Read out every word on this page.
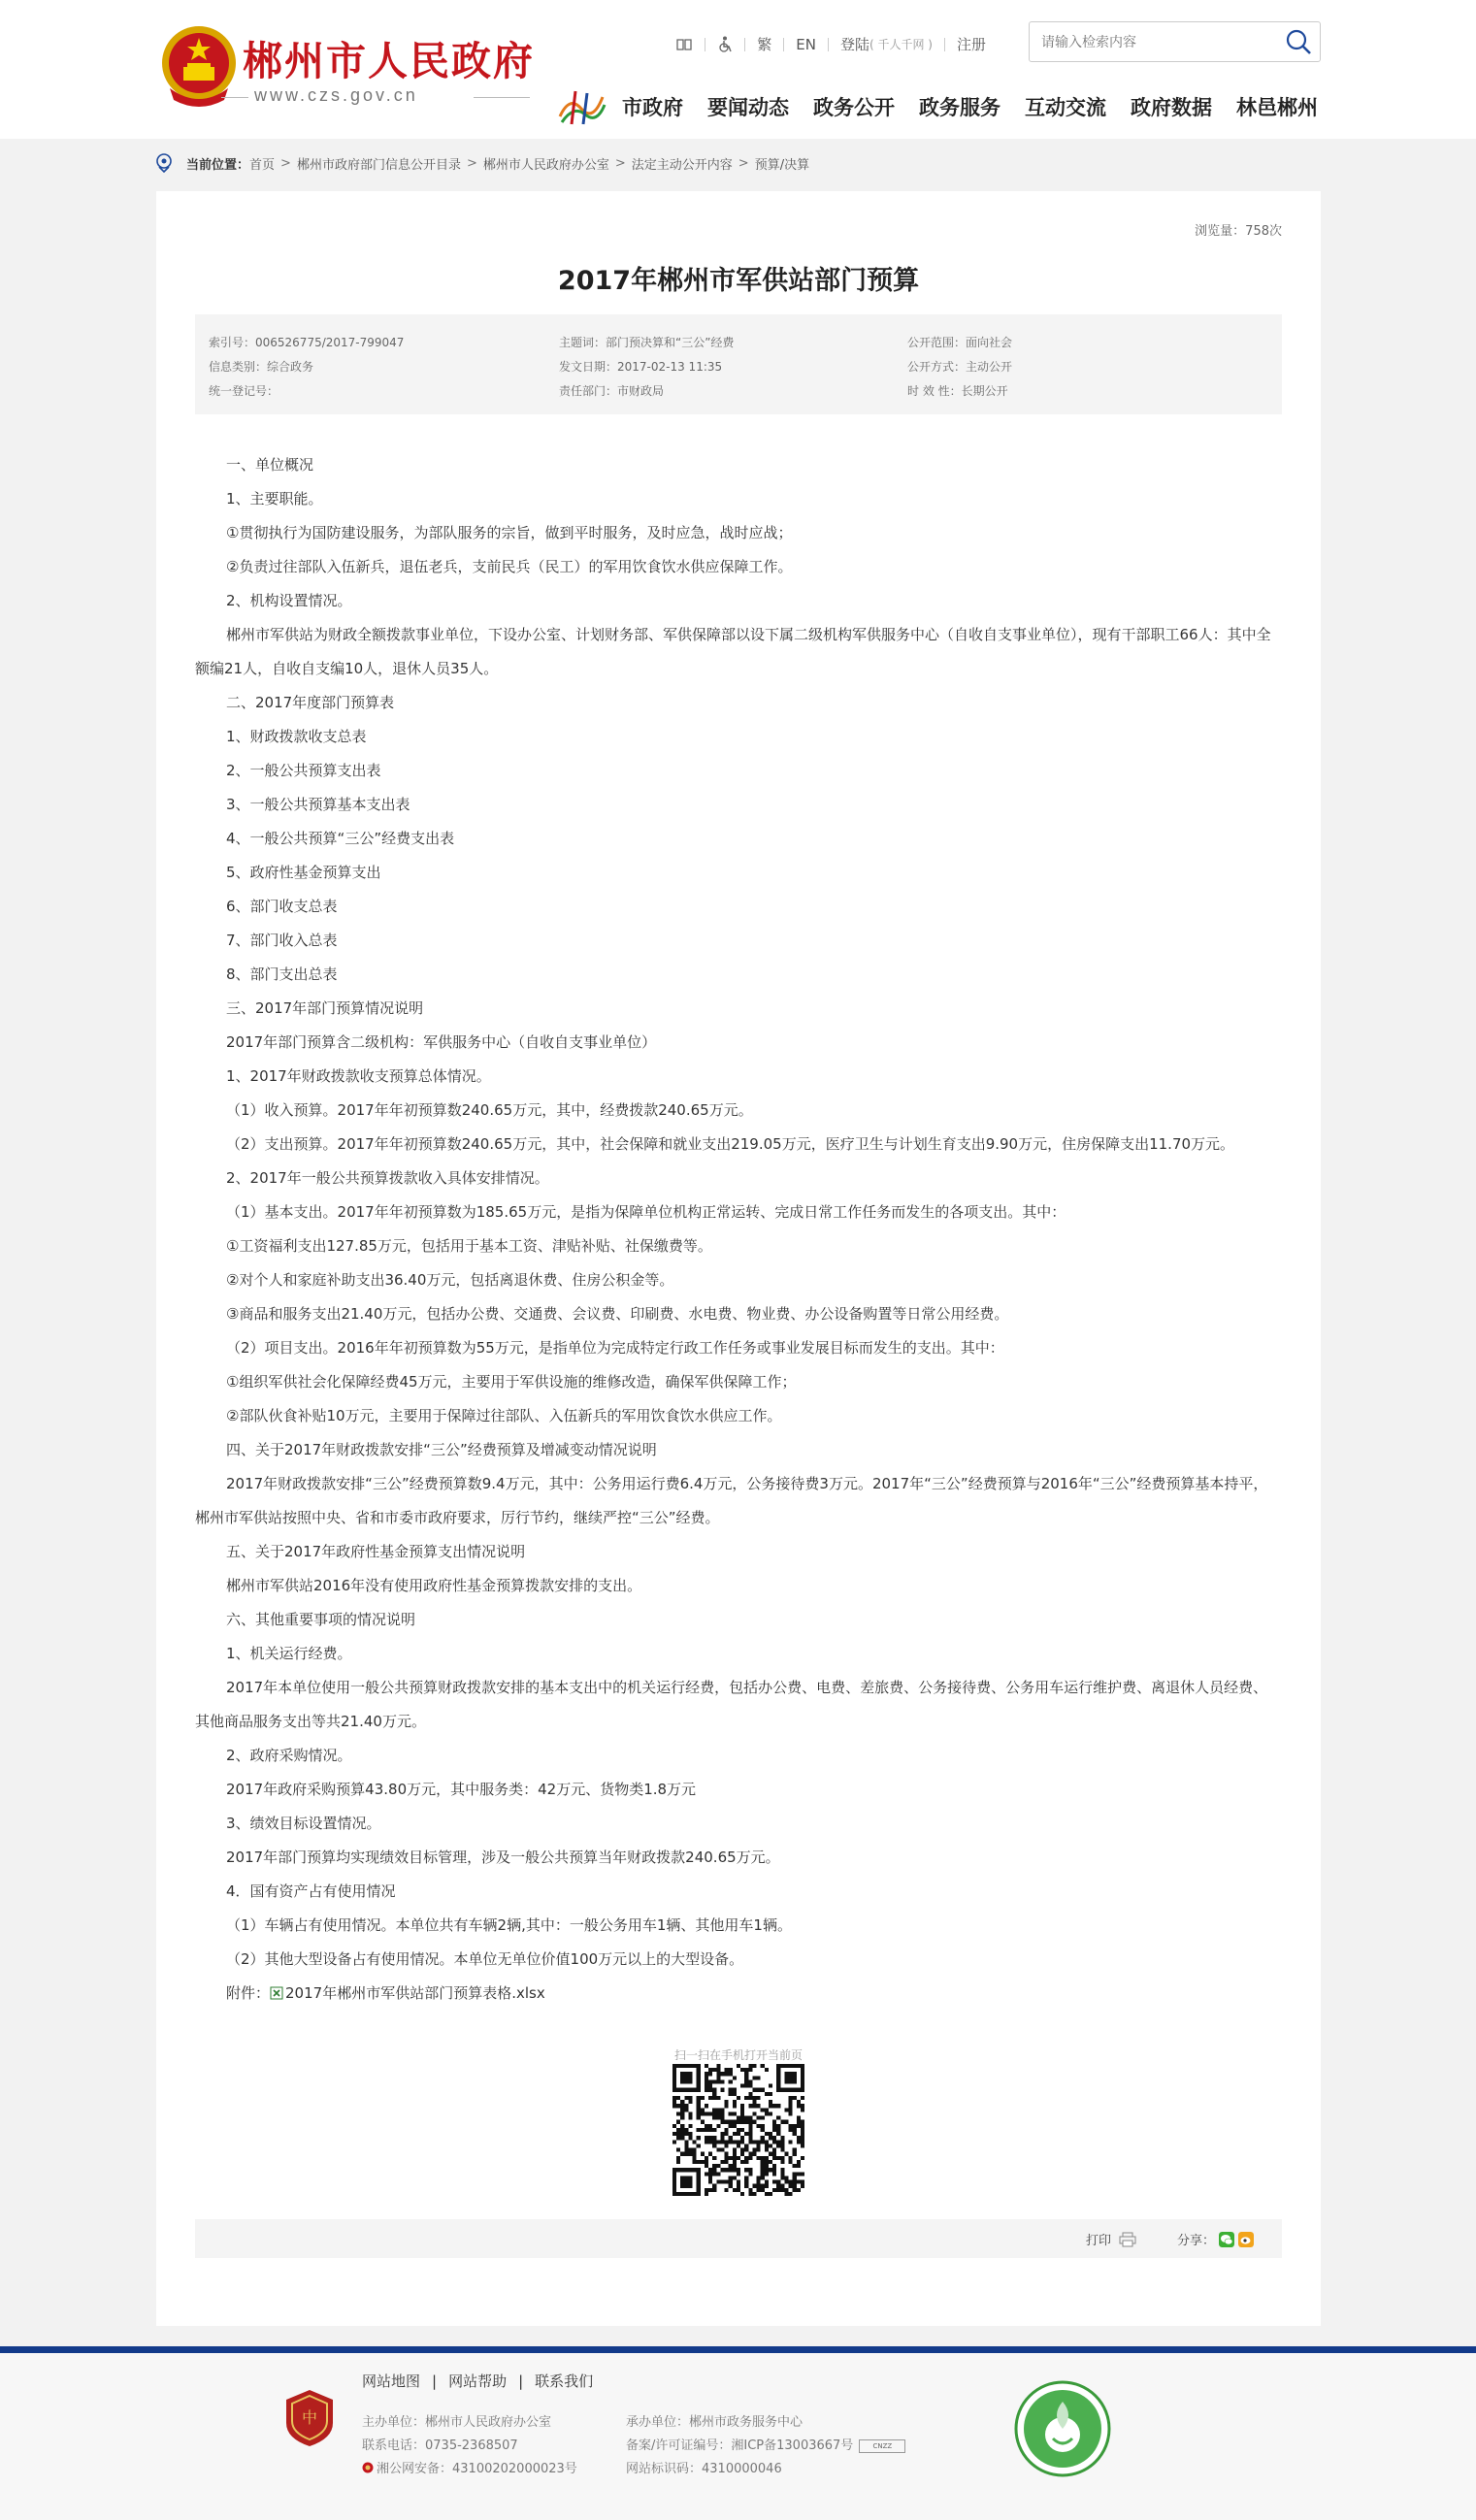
郴州市人民政府
www.czs.gov.cn
繁 EN 登陆 ( 千人千网 ) 注册
请输入检索内容
市政府 要闻动态 政务公开 政务服务 互动交流 政府数据 林邑郴州
当前位置： 首页 > 郴州市政府部门信息公开目录 > 郴州市人民政府办公室 > 法定主动公开内容 > 预算/决算
浏览量：758次
2017年郴州市军供站部门预算
索引号：006526775/2017-799047
信息类别：综合政务
统一登记号：
主题词：部门预决算和“三公”经费
发文日期：2017-02-13 11:35
责任部门：市财政局
公开范围：面向社会
公开方式：主动公开
时 效 性：长期公开

一、单位概况

1、主要职能。

①贯彻执行为国防建设服务，为部队服务的宗旨，做到平时服务，及时应急，战时应战；

②负责过往部队入伍新兵，退伍老兵，支前民兵（民工）的军用饮食饮水供应保障工作。

2、机构设置情况。

郴州市军供站为财政全额拨款事业单位，下设办公室、计划财务部、军供保障部以设下属二级机构军供服务中心（自收自支事业单位），现有干部职工66人：其中全额编21人，自收自支编10人，退休人员35人。

二、2017年度部门预算表

1、财政拨款收支总表

2、一般公共预算支出表

3、一般公共预算基本支出表

4、一般公共预算“三公”经费支出表

5、政府性基金预算支出

6、部门收支总表

7、部门收入总表

8、部门支出总表

三、2017年部门预算情况说明

2017年部门预算含二级机构：军供服务中心（自收自支事业单位）

1、2017年财政拨款收支预算总体情况。

（1）收入预算。2017年年初预算数240.65万元，其中，经费拨款240.65万元。

（2）支出预算。2017年年初预算数240.65万元，其中，社会保障和就业支出219.05万元，医疗卫生与计划生育支出9.90万元，住房保障支出11.70万元。

2、2017年一般公共预算拨款收入具体安排情况。

（1）基本支出。2017年年初预算数为185.65万元，是指为保障单位机构正常运转、完成日常工作任务而发生的各项支出。其中：

①工资福利支出127.85万元，包括用于基本工资、津贴补贴、社保缴费等。

②对个人和家庭补助支出36.40万元，包括离退休费、住房公积金等。

③商品和服务支出21.40万元，包括办公费、交通费、会议费、印刷费、水电费、物业费、办公设备购置等日常公用经费。

（2）项目支出。2016年年初预算数为55万元，是指单位为完成特定行政工作任务或事业发展目标而发生的支出。其中：

①组织军供社会化保障经费45万元，主要用于军供设施的维修改造，确保军供保障工作；

②部队伙食补贴10万元，主要用于保障过往部队、入伍新兵的军用饮食饮水供应工作。

四、关于2017年财政拨款安排“三公”经费预算及增减变动情况说明

2017年财政拨款安排“三公”经费预算数9.4万元，其中：公务用运行费6.4万元，公务接待费3万元。2017年“三公”经费预算与2016年“三公”经费预算基本持平，郴州市军供站按照中央、省和市委市政府要求，厉行节约，继续严控“三公”经费。

五、关于2017年政府性基金预算支出情况说明

郴州市军供站2016年没有使用政府性基金预算拨款安排的支出。

六、其他重要事项的情况说明

1、机关运行经费。

2017年本单位使用一般公共预算财政拨款安排的基本支出中的机关运行经费，包括办公费、电费、差旅费、公务接待费、公务用车运行维护费、离退休人员经费、其他商品服务支出等共21.40万元。

2、政府采购情况。

2017年政府采购预算43.80万元，其中服务类：42万元、货物类1.8万元

3、绩效目标设置情况。

2017年部门预算均实现绩效目标管理，涉及一般公共预算当年财政拨款240.65万元。

4．国有资产占有使用情况

（1）车辆占有使用情况。本单位共有车辆2辆,其中：一般公务用车1辆、其他用车1辆。

（2）其他大型设备占有使用情况。本单位无单位价值100万元以上的大型设备。

附件： 2017年郴州市军供站部门预算表格.xlsx

扫一扫在手机打开当前页
打印	分享：
中
网站地图 | 网站帮助 | 联系我们
主办单位：郴州市人民政府办公室
联系电话：0735-2368507
湘公网安备：43100202000023号
承办单位：郴州市政务服务中心
备案/许可证编号：湘ICP备13003667号	CNZZ
网站标识码：4310000046
